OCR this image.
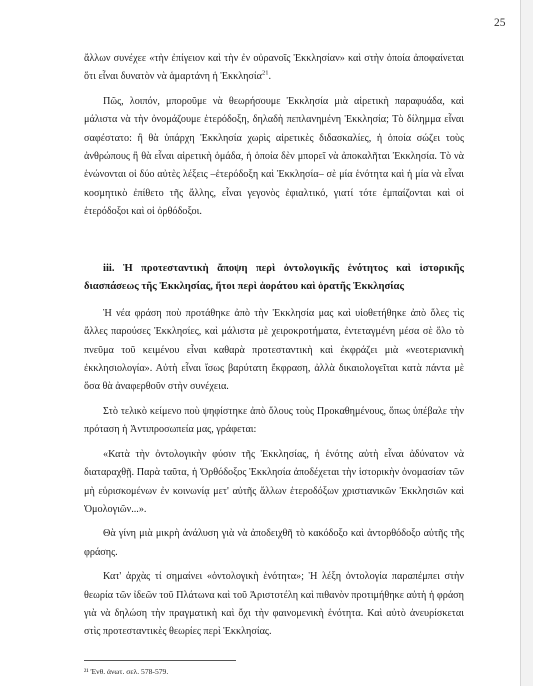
25

ἄλλων συνέχεε «τὴν ἐπίγειον καὶ τὴν ἐν οὐρανοῖς Ἐκκλησίαν» καὶ στὴν ὁποία ἀποφαίνεται ὅτι εἶναι δυνατὸν νὰ ἁμαρτάνη ἡ Ἐκκλησία$^{21}$.

Πῶς, λοιπόν, μποροῦμε νὰ θεωρήσουμε Ἐκκλησία μιὰ αἱρετικὴ παραφυάδα, καὶ μάλιστα νὰ τὴν ὀνομάζουμε ἑτερόδοξη, δηλαδὴ πεπλανημένη Ἐκκλησία; Τὸ δίλημμα εἶναι σαφέστατο: ἢ θὰ ὑπάρχη Ἐκκλησία χωρὶς αἱρετικὲς διδασκαλίες, ἡ ὁποία σώζει τοὺς ἀνθρώπους ἢ θὰ εἶναι αἱρετικὴ ὁμάδα, ἡ ὁποία δὲν μπορεῖ νὰ ἀποκαλῆται Ἐκκλησία. Τὸ νὰ ἑνώνονται οἱ δύο αὐτὲς λέξεις –ἑτερόδοξη καὶ Ἐκκλησία– σὲ μία ἑνότητα καὶ ἡ μία νὰ εἶναι κοσμητικὸ ἐπίθετο τῆς ἄλλης, εἶναι γεγονὸς ἐφιαλτικό, γιατί τότε ἐμπαίζονται καὶ οἱ ἑτερόδοξοι καὶ οἱ ὀρθόδοξοι.

iii. Ἡ προτεσταντικὴ ἄποψη περὶ ὀντολογικῆς ἑνότητος καὶ ἱστορικῆς διασπάσεως τῆς Ἐκκλησίας, ἤτοι περὶ ἀοράτου καὶ ὁρατῆς Ἐκκλησίας

Ἡ νέα φράση ποὺ προτάθηκε ἀπὸ τὴν Ἐκκλησία μας καὶ υἱοθετήθηκε ἀπὸ ὅλες τὶς ἄλλες παρούσες Ἐκκλησίες, καὶ μάλιστα μὲ χειροκροτήματα, ἐντεταγμένη μέσα σὲ ὅλο τὸ πνεῦμα τοῦ κειμένου εἶναι καθαρὰ προτεσταντικὴ καὶ ἐκφράζει μιὰ «νεοτεριανικὴ ἐκκλησιολογία». Αὐτὴ εἶναι ἴσως βαρύτατη ἔκφραση, ἀλλὰ δικαιολογεῖται κατὰ πάντα μὲ ὅσα θὰ ἀναφερθοῦν στὴν συνέχεια.

Στὸ τελικὸ κείμενο ποὺ ψηφίστηκε ἀπὸ ὅλους τοὺς Προκαθημένους, ὅπως ὑπέβαλε τὴν πρόταση ἡ Ἀντιπροσωπεία μας, γράφεται:

«Κατὰ τὴν ὀντολογικὴν φύσιν τῆς Ἐκκλησίας, ἡ ἑνότης αὐτὴ εἶναι ἀδύνατον νὰ διαταραχθῇ. Παρὰ ταῦτα, ἡ Ὀρθόδοξος Ἐκκλησία ἀποδέχεται τὴν ἱστορικὴν ὀνομασίαν τῶν μὴ εὑρισκομένων ἐν κοινωνίᾳ μετ' αὐτῆς ἄλλων ἑτεροδόξων χριστιανικῶν Ἐκκλησιῶν καὶ Ὁμολογιῶν...».

Θὰ γίνη μιὰ μικρὴ ἀνάλυση γιὰ νὰ ἀποδειχθῆ τὸ κακόδοξο καὶ ἀντορθόδοξο αὐτῆς τῆς φράσης.

Κατ' ἀρχὰς τί σημαίνει «ὀντολογικὴ ἑνότητα»; Ἡ λέξη ὀντολογία παραπέμπει στὴν θεωρία τῶν ἰδεῶν τοῦ Πλάτωνα καὶ τοῦ Ἀριστοτέλη καὶ πιθανὸν προτιμήθηκε αὐτὴ ἡ φράση γιὰ νὰ δηλώση τὴν πραγματικὴ καὶ ὄχι τὴν φαινομενικὴ ἑνότητα. Καὶ αὐτὸ ἀνευρίσκεται στὶς προτεσταντικὲς θεωρίες περὶ Ἐκκλησίας.

²¹ Ἐνθ. ἀνωτ. σελ. 578-579.
